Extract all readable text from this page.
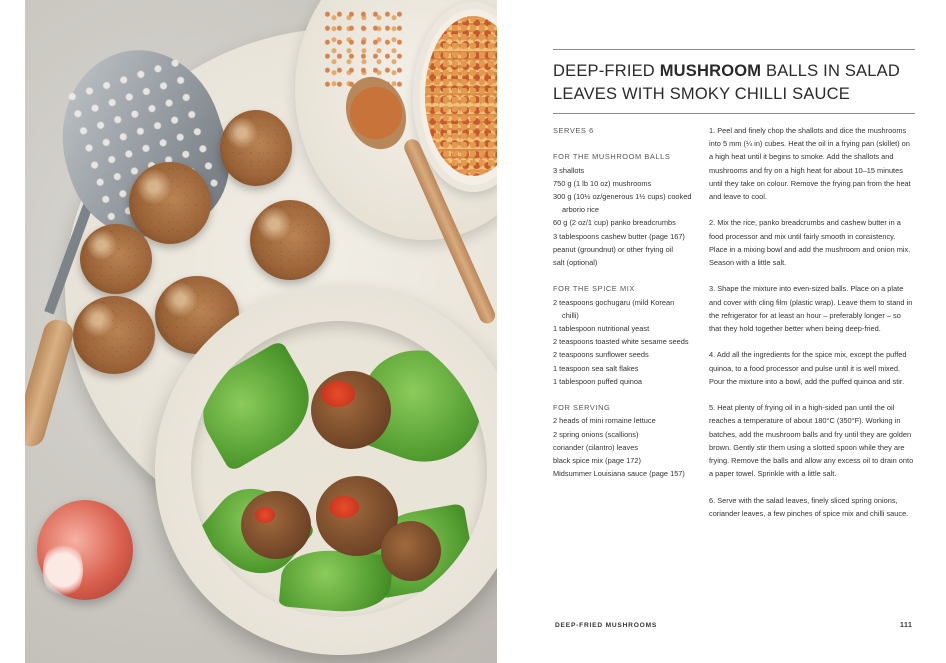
DEEP-FRIED MUSHROOM BALLS IN SALAD LEAVES WITH SMOKY CHILLI SAUCE
SERVES 6
FOR THE MUSHROOM BALLS
3 shallots
750 g (1 lb 10 oz) mushrooms
300 g (10½ oz/generous 1½ cups) cooked arborio rice
60 g (2 oz/1 cup) panko breadcrumbs
3 tablespoons cashew butter (page 167)
peanut (groundnut) or other frying oil
salt (optional)
FOR THE SPICE MIX
2 teaspoons gochugaru (mild Korean chilli)
1 tablespoon nutritional yeast
2 teaspoons toasted white sesame seeds
2 teaspoons sunflower seeds
1 teaspoon sea salt flakes
1 tablespoon puffed quinoa
FOR SERVING
2 heads of mini romaine lettuce
2 spring onions (scallions)
coriander (cilantro) leaves
black spice mix (page 172)
Midsummer Louisiana sauce (page 157)
1. Peel and finely chop the shallots and dice the mushrooms into 5 mm (¼ in) cubes. Heat the oil in a frying pan (skillet) on a high heat until it begins to smoke. Add the shallots and mushrooms and fry on a high heat for about 10–15 minutes until they take on colour. Remove the frying pan from the heat and leave to cool.
2. Mix the rice, panko breadcrumbs and cashew butter in a food processor and mix until fairly smooth in consistency. Place in a mixing bowl and add the mushroom and onion mix. Season with a little salt.
3. Shape the mixture into even-sized balls. Place on a plate and cover with cling film (plastic wrap). Leave them to stand in the refrigerator for at least an hour – preferably longer – so that they hold together better when being deep-fried.
4. Add all the ingredients for the spice mix, except the puffed quinoa, to a food processor and pulse until it is well mixed. Pour the mixture into a bowl, add the puffed quinoa and stir.
5. Heat plenty of frying oil in a high-sided pan until the oil reaches a temperature of about 180°C (350°F). Working in batches, add the mushroom balls and fry until they are golden brown. Gently stir them using a slotted spoon while they are frying. Remove the balls and allow any excess oil to drain onto a paper towel. Sprinkle with a little salt.
6. Serve with the salad leaves, finely sliced spring onions, coriander leaves, a few pinches of spice mix and chilli sauce.
DEEP-FRIED MUSHROOMS	111
